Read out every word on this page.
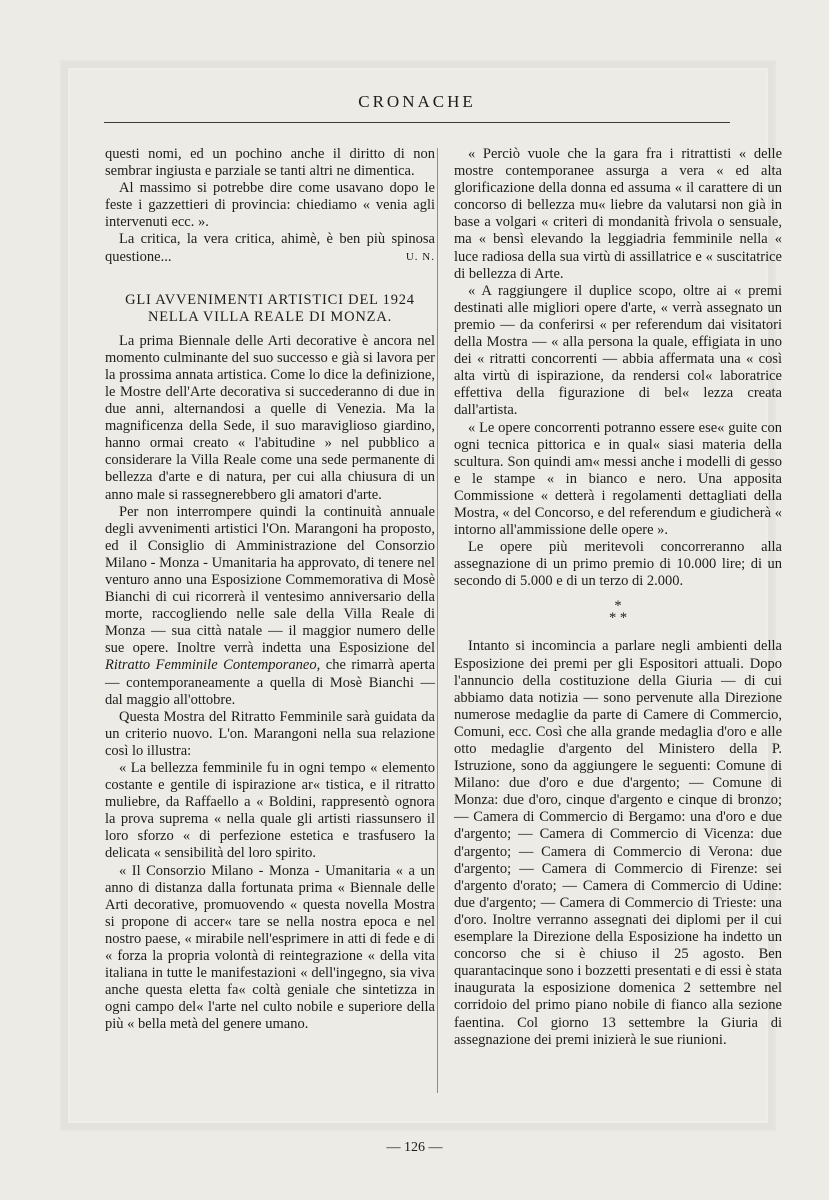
CRONACHE

questi nomi, ed un pochino anche il diritto di non sembrar ingiusta e parziale se tanti altri ne dimentica.

Al massimo si potrebbe dire come usavano dopo le feste i gazzettieri di provincia: chiediamo « venia agli intervenuti ecc. ».

La critica, la vera critica, ahimè, è ben più spinosa questione...	U. N.

GLI AVVENIMENTI ARTISTICI DEL 1924
NELLA VILLA REALE DI MONZA.

La prima Biennale delle Arti decorative è ancora nel momento culminante del suo successo e già si lavora per la prossima annata artistica. Come lo dice la definizione, le Mostre dell'Arte decorativa si succederanno di due in due anni, alternandosi a quelle di Venezia. Ma la magnificenza della Sede, il suo maraviglioso giardino, hanno ormai creato « l'abitudine » nel pubblico a considerare la Villa Reale come una sede permanente di bellezza d'arte e di natura, per cui alla chiusura di un anno male si rassegnerebbero gli amatori d'arte.

Per non interrompere quindi la continuità annuale degli avvenimenti artistici l'On. Marangoni ha proposto, ed il Consiglio di Amministrazione del Consorzio Milano - Monza - Umanitaria ha approvato, di tenere nel venturo anno una Esposizione Commemorativa di Mosè Bianchi di cui ricorrerà il ventesimo anniversario della morte, raccogliendo nelle sale della Villa Reale di Monza — sua città natale — il maggior numero delle sue opere. Inoltre verrà indetta una Esposizione del Ritratto Femminile Contemporaneo, che rimarrà aperta — contemporaneamente a quella di Mosè Bianchi — dal maggio all'ottobre.

Questa Mostra del Ritratto Femminile sarà guidata da un criterio nuovo. L'on. Marangoni nella sua relazione così lo illustra:

« La bellezza femminile fu in ogni tempo « elemento costante e gentile di ispirazione ar« tistica, e il ritratto muliebre, da Raffaello a « Boldini, rappresentò ognora la prova suprema « nella quale gli artisti riassunsero il loro sforzo « di perfezione estetica e trasfusero la delicata « sensibilità del loro spirito.

« Il Consorzio Milano - Monza - Umanitaria « a un anno di distanza dalla fortunata prima « Biennale delle Arti decorative, promuovendo « questa novella Mostra si propone di accer« tare se nella nostra epoca e nel nostro paese, « mirabile nell'esprimere in atti di fede e di « forza la propria volontà di reintegrazione « della vita italiana in tutte le manifestazioni « dell'ingegno, sia viva anche questa eletta fa« coltà geniale che sintetizza in ogni campo del« l'arte nel culto nobile e superiore della più « bella metà del genere umano.

« Perciò vuole che la gara fra i ritrattisti « delle mostre contemporanee assurga a vera « ed alta glorificazione della donna ed assuma « il carattere di un concorso di bellezza mu« liebre da valutarsi non già in base a volgari « criteri di mondanità frivola o sensuale, ma « bensì elevando la leggiadria femminile nella « luce radiosa della sua virtù di assillatrice e « suscitatrice di bellezza di Arte.

« A raggiungere il duplice scopo, oltre ai « premi destinati alle migliori opere d'arte, « verrà assegnato un premio — da conferirsi « per referendum dai visitatori della Mostra — « alla persona la quale, effigiata in uno dei « ritratti concorrenti — abbia affermata una « così alta virtù di ispirazione, da rendersi col« laboratrice effettiva della figurazione di bel« lezza creata dall'artista.

« Le opere concorrenti potranno essere ese« guite con ogni tecnica pittorica e in qual« siasi materia della scultura. Son quindi am« messi anche i modelli di gesso e le stampe « in bianco e nero. Una apposita Commissione « detterà i regolamenti dettagliati della Mostra, « del Concorso, e del referendum e giudicherà « intorno all'ammissione delle opere ».

Le opere più meritevoli concorreranno alla assegnazione di un primo premio di 10.000 lire; di un secondo di 5.000 e di un terzo di 2.000.

*
* *

Intanto si incomincia a parlare negli ambienti della Esposizione dei premi per gli Espositori attuali. Dopo l'annuncio della costituzione della Giuria — di cui abbiamo data notizia — sono pervenute alla Direzione numerose medaglie da parte di Camere di Commercio, Comuni, ecc. Così che alla grande medaglia d'oro e alle otto medaglie d'argento del Ministero della P. Istruzione, sono da aggiungere le seguenti: Comune di Milano: due d'oro e due d'argento; — Comune di Monza: due d'oro, cinque d'argento e cinque di bronzo; — Camera di Commercio di Bergamo: una d'oro e due d'argento; — Camera di Commercio di Vicenza: due d'argento; — Camera di Commercio di Verona: due d'argento; — Camera di Commercio di Firenze: sei d'argento d'orato; — Camera di Commercio di Udine: due d'argento; — Camera di Commercio di Trieste: una d'oro. Inoltre verranno assegnati dei diplomi per il cui esemplare la Direzione della Esposizione ha indetto un concorso che si è chiuso il 25 agosto. Ben quarantacinque sono i bozzetti presentati e di essi è stata inaugurata la esposizione domenica 2 settembre nel corridoio del primo piano nobile di fianco alla sezione faentina. Col giorno 13 settembre la Giuria di assegnazione dei premi inizierà le sue riunioni.

— 126 —
